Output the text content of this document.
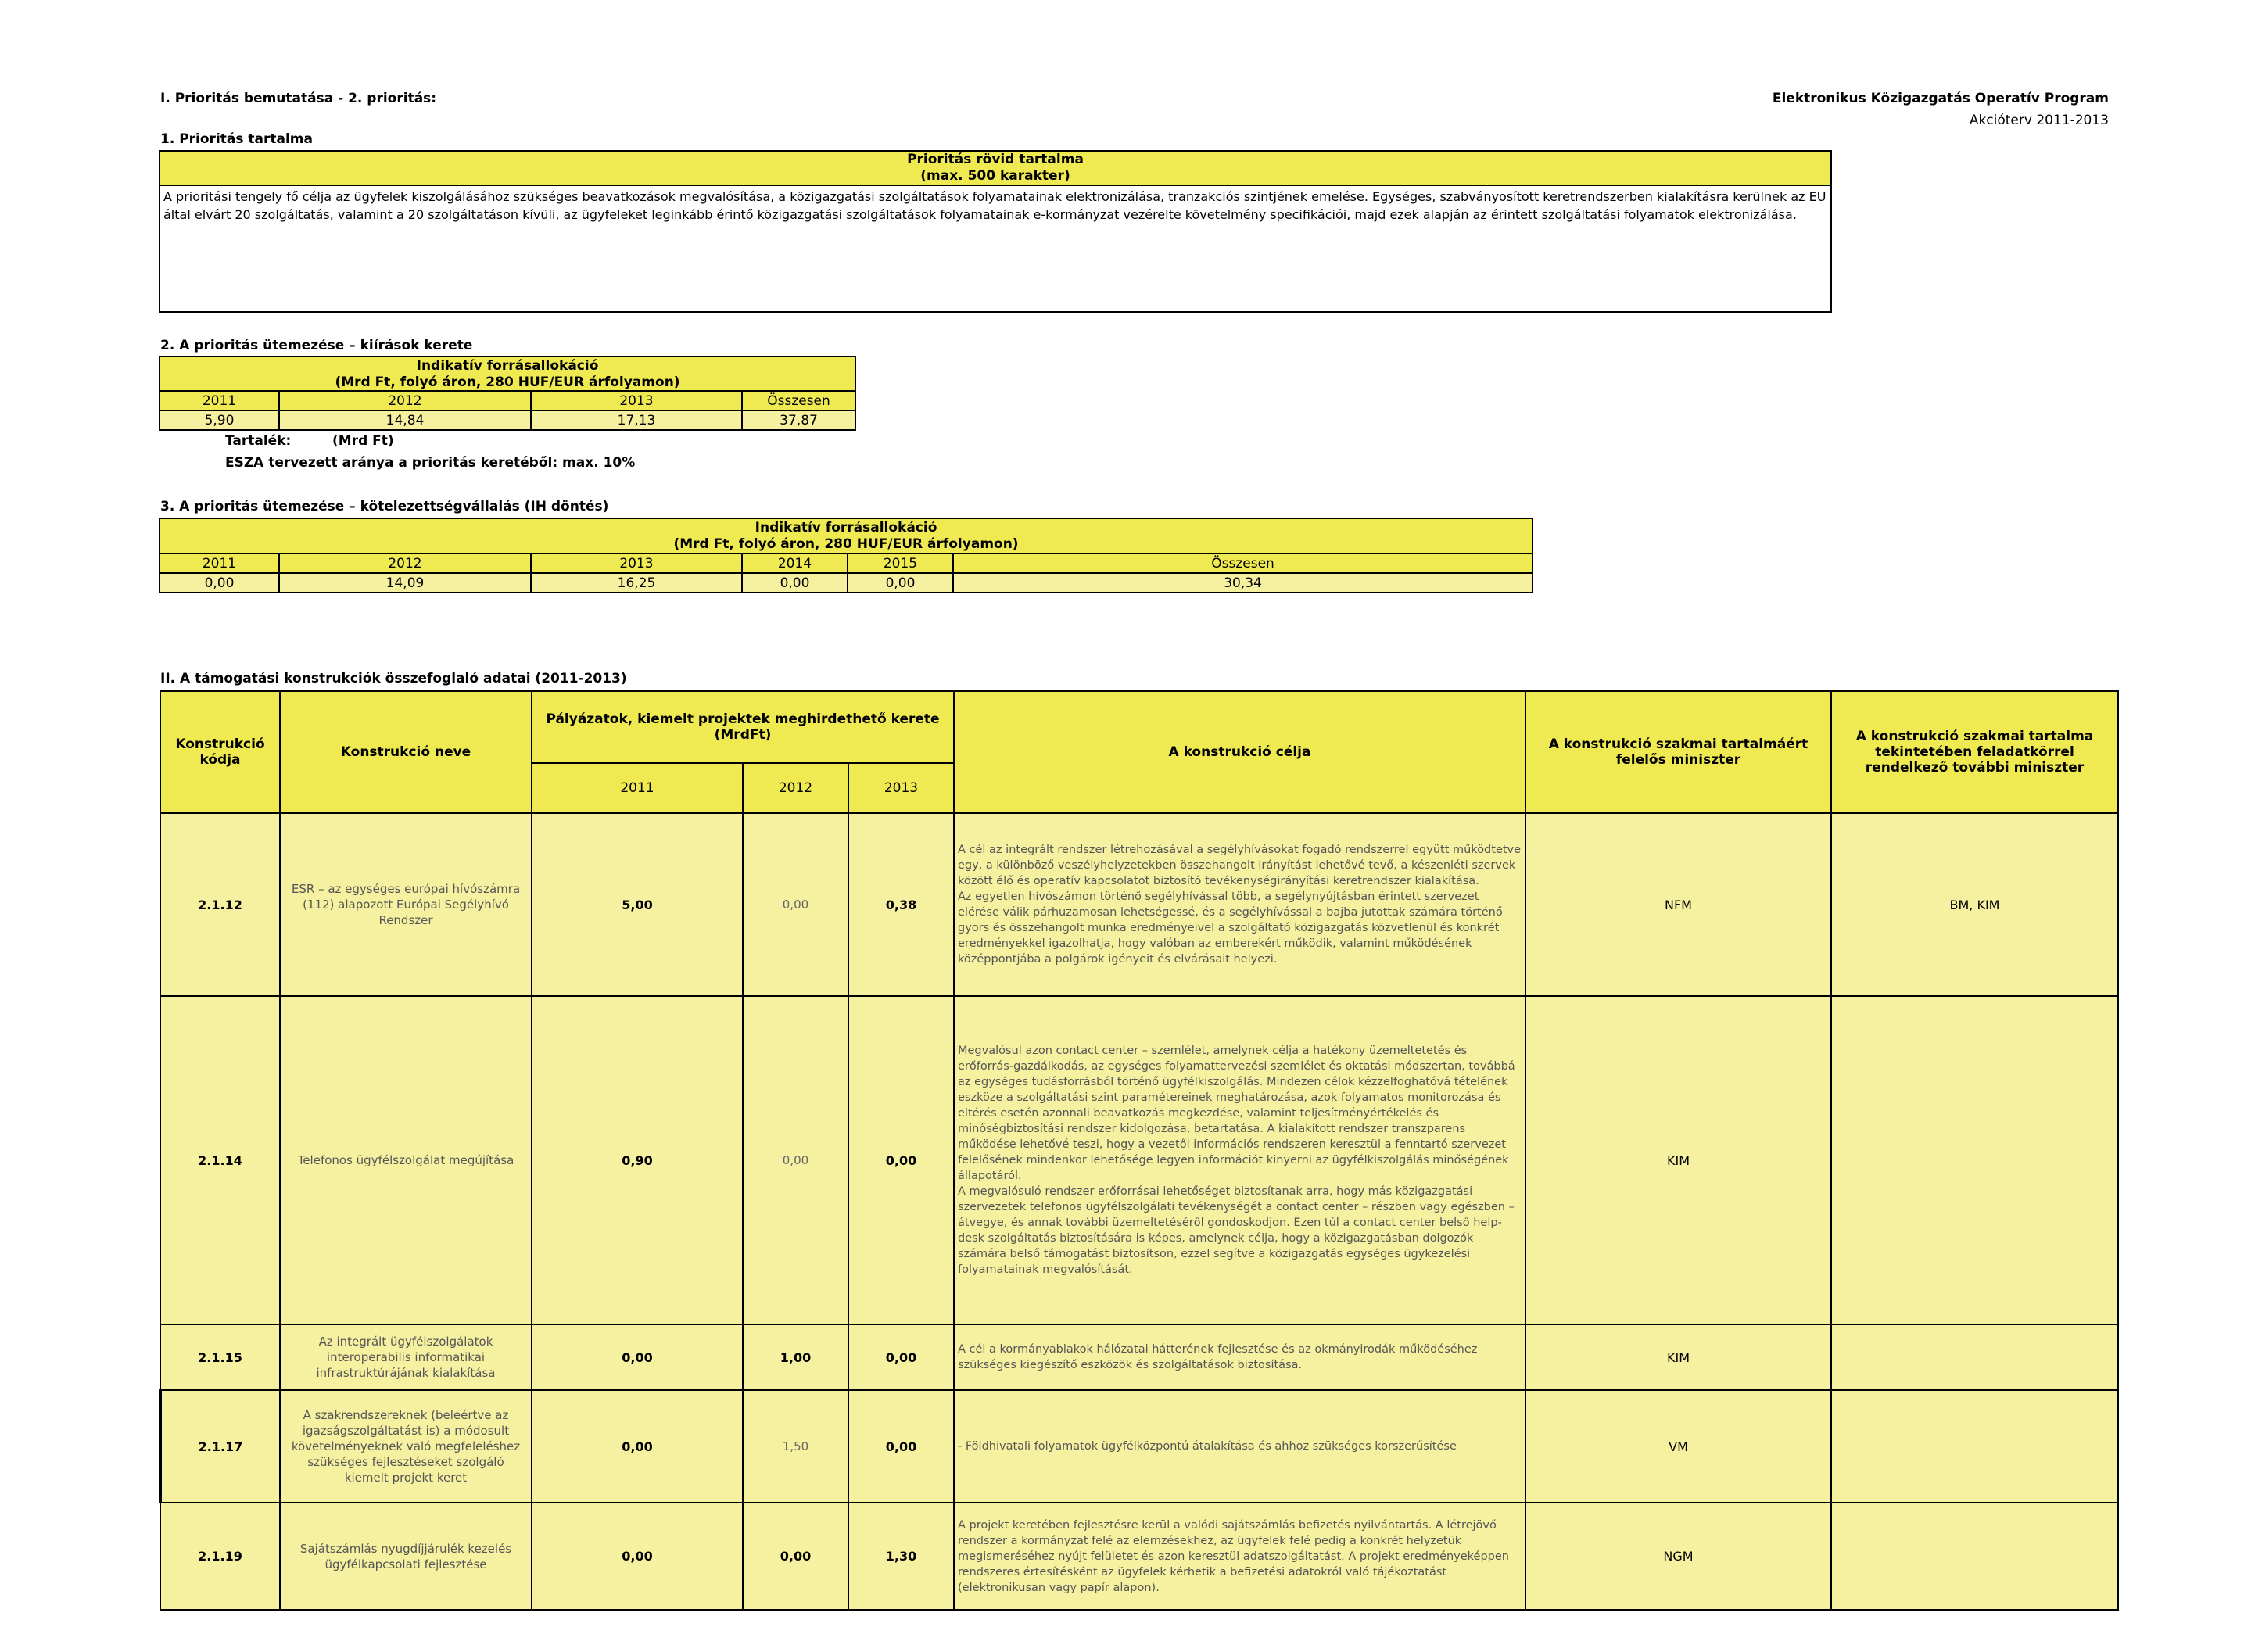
I. Prioritás bemutatása - 2. prioritás:	Elektronikus Közigazgatás Operatív Program
Akcióterv 2011-2013
1. Prioritás tartalma
Prioritás rövid tartalma
(max. 500 karakter)
A prioritási tengely fő célja az ügyfelek kiszolgálásához szükséges beavatkozások megvalósítása, a közigazgatási szolgáltatások folyamatainak elektronizálása, tranzakciós szintjének emelése. Egységes, szabványosított keretrendszerben kialakításra kerülnek az EU által elvárt 20 szolgáltatás, valamint a 20 szolgáltatáson kívüli, az ügyfeleket leginkább érintő közigazgatási szolgáltatások folyamatainak e-kormányzat vezérelte követelmény specifikációi, majd ezek alapján az érintett szolgáltatási folyamatok elektronizálása.
2. A prioritás ütemezése – kiírások kerete
Indikatív forrásallokáció			
(Mrd Ft, folyó áron, 280 HUF/EUR árfolyamon)			
2011	2012	2013	Összesen
5,90	14,84	17,13	37,87
Tartalék:	(Mrd Ft)
ESZA tervezett aránya a prioritás keretéből: max. 10%
3. A prioritás ütemezése – kötelezettségvállalás (IH döntés)
Indikatív forrásallokáció					
(Mrd Ft, folyó áron, 280 HUF/EUR árfolyamon)					
2011	2012	2013	2014	2015	Összesen
0,00	14,09	16,25	0,00	0,00	30,34
II. A támogatási konstrukciók összefoglaló adatai (2011-2013)
Konstrukció kódja	Konstrukció neve	Pályázatok, kiemelt projektek meghirdethető kerete (MrdFt)			A konstrukció célja	A konstrukció szakmai tartalmáért felelős miniszter	A konstrukció szakmai tartalma tekintetében feladatkörrel rendelkező további miniszter
		2011	2012	2013			
2.1.12	ESR – az egységes európai hívószámra (112) alapozott Európai Segélyhívó Rendszer	5,00	0,00	0,38	A cél az integrált rendszer létrehozásával a segélyhívásokat fogadó rendszerrel együtt működtetve egy, a különböző veszélyhelyzetekben összehangolt irányítást lehetővé tevő, a készenléti szervek között élő és operatív kapcsolatot biztosító tevékenységirányítási keretrendszer kialakítása.
Az egyetlen hívószámon történő segélyhívással több, a segélynyújtásban érintett szervezet elérése válik párhuzamosan lehetségessé, és a segélyhívással a bajba jutottak számára történő gyors és összehangolt munka eredményeivel a szolgáltató közigazgatás közvetlenül és konkrét eredményekkel igazolhatja, hogy valóban az emberekért működik, valamint működésének középpontjába a polgárok igényeit és elvárásait helyezi.	NFM	BM, KIM
2.1.14	Telefonos ügyfélszolgálat megújítása	0,90	0,00	0,00	Megvalósul azon contact center – szemlélet, amelynek célja a hatékony üzemeltetetés és erőforrás-gazdálkodás, az egységes folyamattervezési szemlélet és oktatási módszertan, továbbá az egységes tudásforrásból történő ügyfélkiszolgálás. Mindezen célok kézzelfoghatóvá tételének eszköze a szolgáltatási szint paramétereinek meghatározása, azok folyamatos monitorozása és eltérés esetén azonnali beavatkozás megkezdése, valamint teljesítményértékelés és minőségbiztosítási rendszer kidolgozása, betartatása. A kialakított rendszer transzparens működése lehetővé teszi, hogy a vezetői információs rendszeren keresztül a fenntartó szervezet felelősének mindenkor lehetősége legyen információt kinyerni az ügyfélkiszolgálás minőségének állapotáról.
A megvalósuló rendszer erőforrásai lehetőséget biztosítanak arra, hogy más közigazgatási szervezetek telefonos ügyfélszolgálati tevékenységét a contact center – részben vagy egészben – átvegye, és annak további üzemeltetéséről gondoskodjon. Ezen túl a contact center belső help-desk szolgáltatás biztosítására is képes, amelynek célja, hogy a közigazgatásban dolgozók számára belső támogatást biztosítson, ezzel segítve a közigazgatás egységes ügykezelési folyamatainak megvalósítását.	KIM	
2.1.15	Az integrált ügyfélszolgálatok interoperabilis informatikai infrastruktúrájának kialakítása	0,00	1,00	0,00	A cél a kormányablakok hálózatai hátterének fejlesztése és az okmányirodák működéséhez szükséges kiegészítő eszközök és szolgáltatások biztosítása.	KIM	
2.1.17	A szakrendszereknek (beleértve az igazságszolgáltatást is) a módosult követelményeknek való megfeleléshez szükséges fejlesztéseket szolgáló kiemelt projekt keret	0,00	1,50	0,00	- Földhivatali folyamatok ügyfélközpontú átalakítása és ahhoz szükséges korszerűsítése	VM	
2.1.19	Sajátszámlás nyugdíjjárulék kezelés ügyfélkapcsolati fejlesztése	0,00	0,00	1,30	A projekt keretében fejlesztésre kerül a valódi sajátszámlás befizetés nyilvántartás. A létrejövő rendszer a kormányzat felé az elemzésekhez, az ügyfelek felé pedig a konkrét helyzetük megismeréséhez nyújt felületet és azon keresztül adatszolgáltatást. A projekt eredményeképpen rendszeres értesítésként az ügyfelek kérhetik a befizetési adatokról való tájékoztatást (elektronikusan vagy papír alapon).	NGM	
